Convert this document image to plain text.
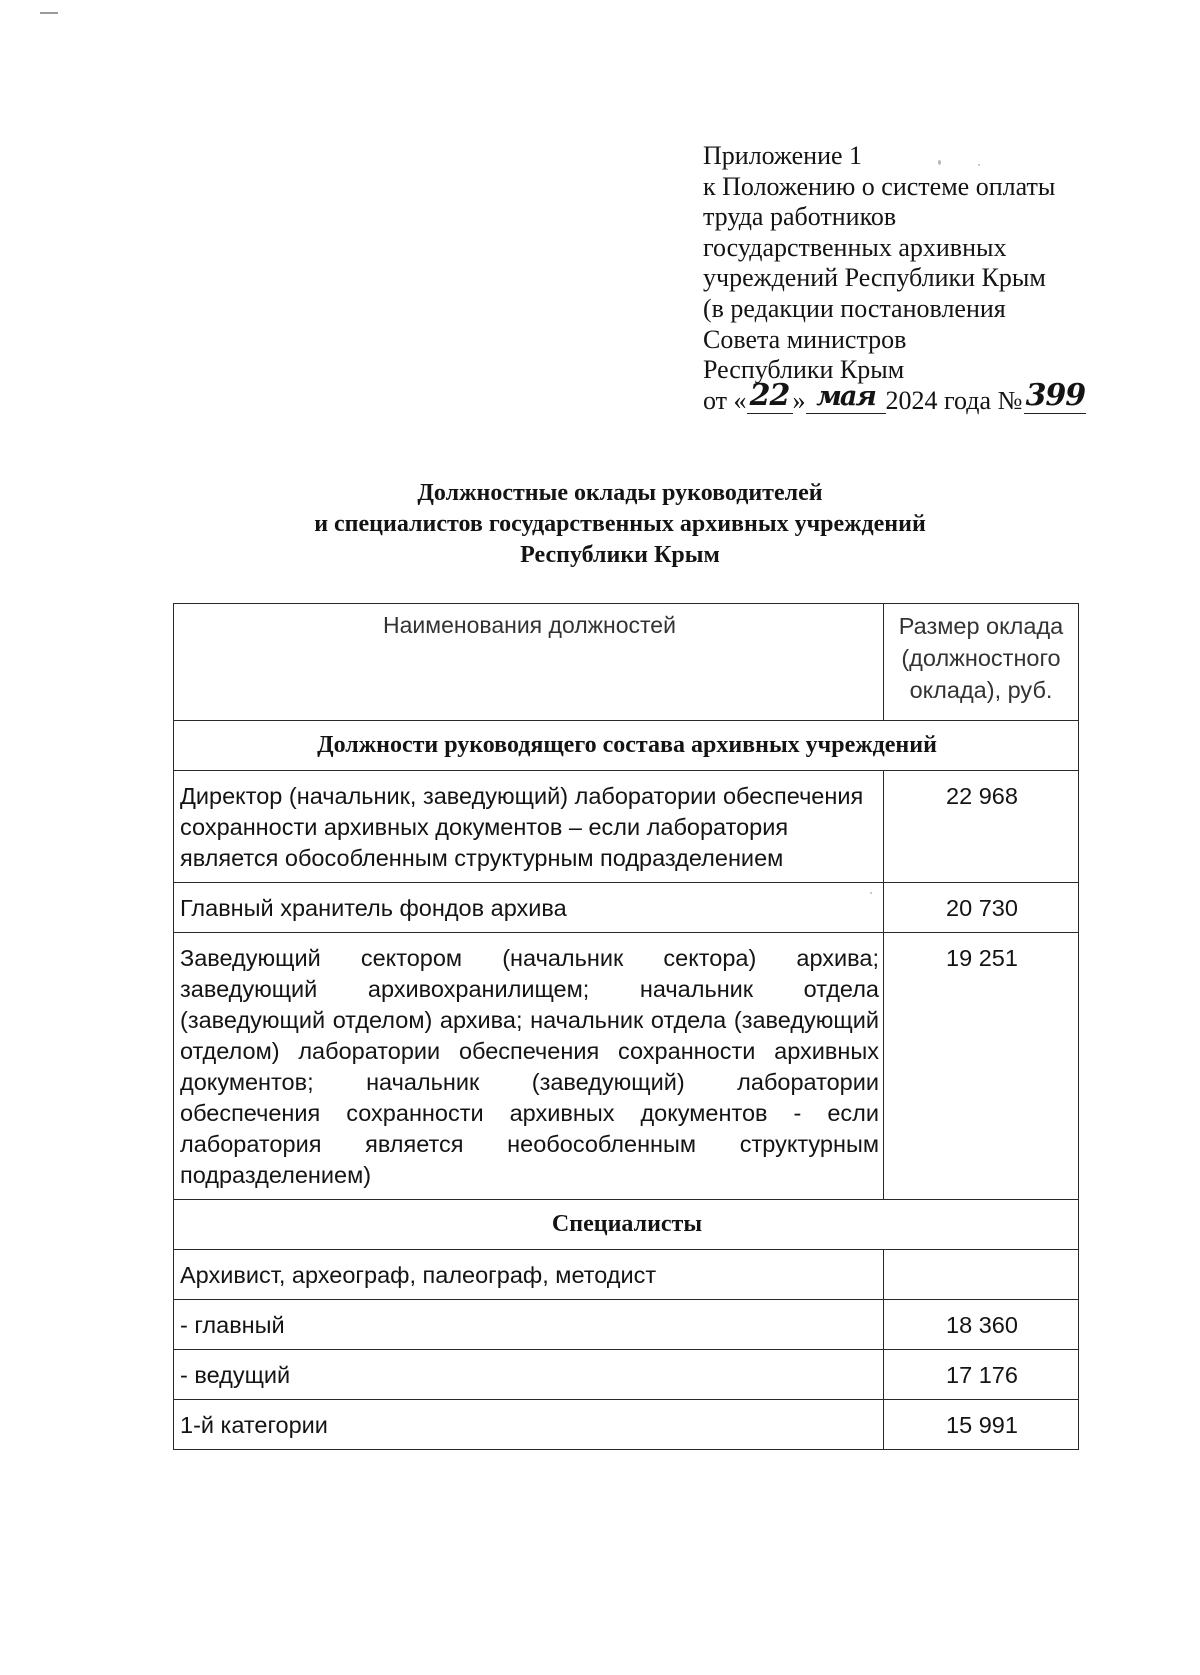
Приложение 1
к Положению о системе оплаты
труда работников
государственных архивных
учреждений Республики Крым
(в редакции постановления
Совета министров
Республики Крым
от « 22 » мая 2024 года № 399
Должностные оклады руководителей
и специалистов государственных архивных учреждений
Республики Крым
Наименования должностей	Размер оклада (должностного оклада), руб.
Должности руководящего состава архивных учреждений	
Директор (начальник, заведующий) лаборатории обеспечения сохранности архивных документов – если лаборатория является обособленным структурным подразделением	22 968
Главный хранитель фондов архива	20 730
Заведующий сектором (начальник сектора) архива; заведующий архивохранилищем; начальник отдела (заведующий отделом) архива; начальник отдела (заведующий отделом) лаборатории обеспечения сохранности архивных документов; начальник (заведующий) лаборатории обеспечения сохранности архивных документов - если лаборатория является необособленным структурным подразделением)	19 251
Специалисты	
Архивист, археограф, палеограф, методист	
- главный	18 360
- ведущий	17 176
1-й категории	15 991
